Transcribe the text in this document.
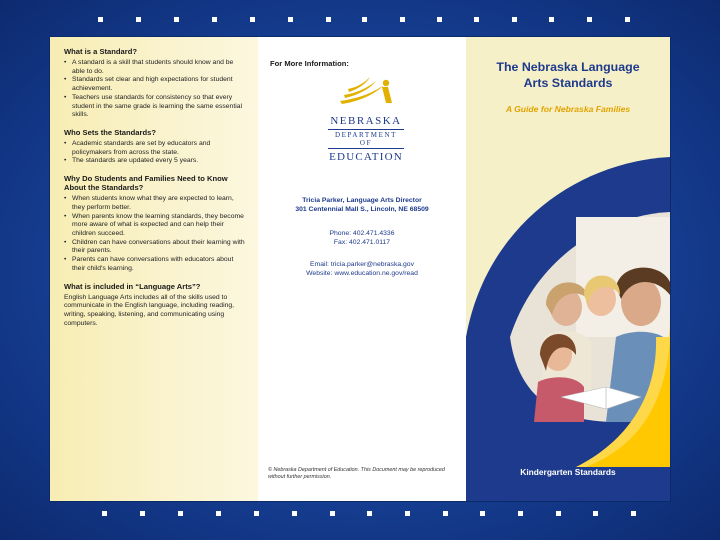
What is a Standard?
• A standard is a skill that students should know and be able to do.
• Standards set clear and high expectations for student achievement.
• Teachers use standards for consistency so that every student in the same grade is learning the same essential skills.
Who Sets the Standards?
• Academic standards are set by educators and policymakers from across the state.
• The standards are updated every 5 years.
Why Do Students and Families Need to Know About the Standards?
• When students know what they are expected to learn, they perform better.
• When parents know the learning standards, they become more aware of what is expected and can help their children succeed.
• Children can have conversations about their learning with their parents.
• Parents can have conversations with educators about their child's learning.
What is included in “Language Arts”?

English Language Arts includes all of the skills used to communicate in the English language, including reading, writing, speaking, listening, and communicating using computers.

For More Information:
NEBRASKA
DEPARTMENT OF
EDUCATION
Tricia Parker, Language Arts Director
301 Centennial Mall S., Lincoln, NE 68509
Phone: 402.471.4336
Fax: 402.471.0117
Email: tricia.parker@nebraska.gov
Website: www.education.ne.gov/read
© Nebraska Department of Education. This Document may be reproduced without further permission.
The Nebraska Language
Arts Standards
A Guide for Nebraska Families
Kindergarten Standards
